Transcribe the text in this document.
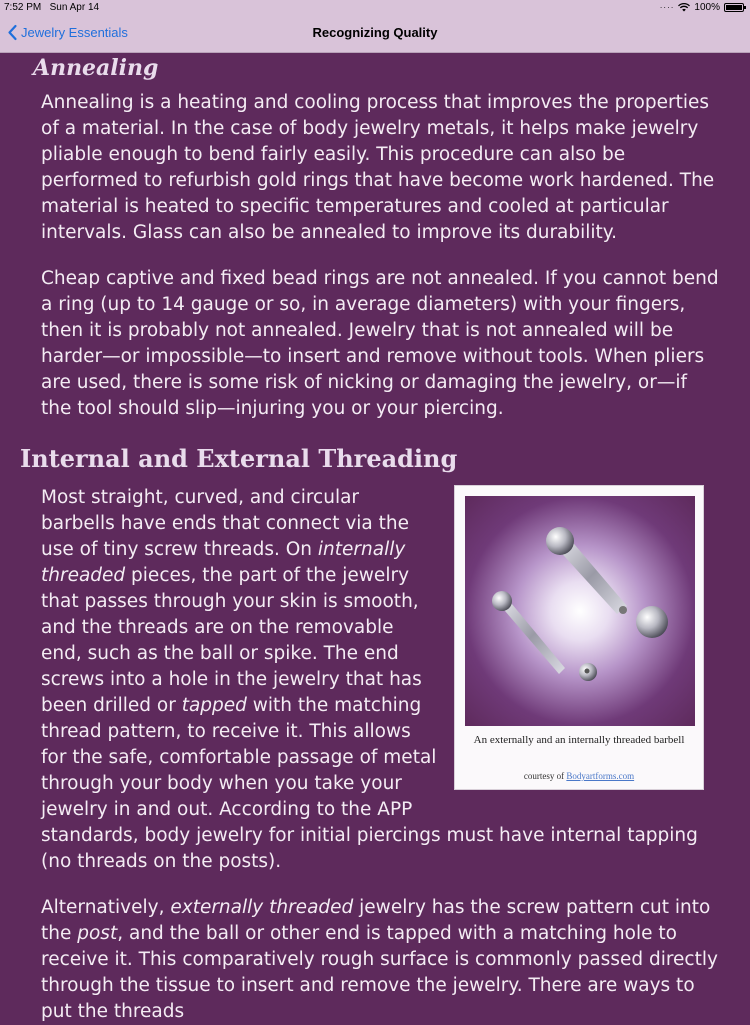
7:52 PM Sun Apr 14	···· 100%
Jewelry Essentials	Recognizing Quality
Annealing

Annealing is a heating and cooling process that improves the properties of a material. In the case of body jewelry metals, it helps make jewelry pliable enough to bend fairly easily. This procedure can also be performed to refurbish gold rings that have become work hardened. The material is heated to specific temperatures and cooled at particular intervals. Glass can also be annealed to improve its durability.

Cheap captive and fixed bead rings are not annealed. If you cannot bend a ring (up to 14 gauge or so, in average diameters) with your fingers, then it is probably not annealed. Jewelry that is not annealed will be harder—or impossible—to insert and remove without tools. When pliers are used, there is some risk of nicking or damaging the jewelry, or—if the tool should slip—injuring you or your piercing.

Internal and External Threading

An externally and an internally threaded barbell
courtesy of Bodyartforms.com
Most straight, curved, and circular barbells have ends that connect via the use of tiny screw threads. On internally threaded pieces, the part of the jewelry that passes through your skin is smooth, and the threads are on the removable end, such as the ball or spike. The end screws into a hole in the jewelry that has been drilled or tapped with the matching thread pattern, to receive it. This allows for the safe, comfortable passage of metal through your body when you take your jewelry in and out. According to the APP standards, body jewelry for initial piercings must have internal tapping (no threads on the posts).

Alternatively, externally threaded jewelry has the screw pattern cut into the post, and the ball or other end is tapped with a matching hole to receive it. This comparatively rough surface is commonly passed directly through the tissue to insert and remove the jewelry. There are ways to put the threads
